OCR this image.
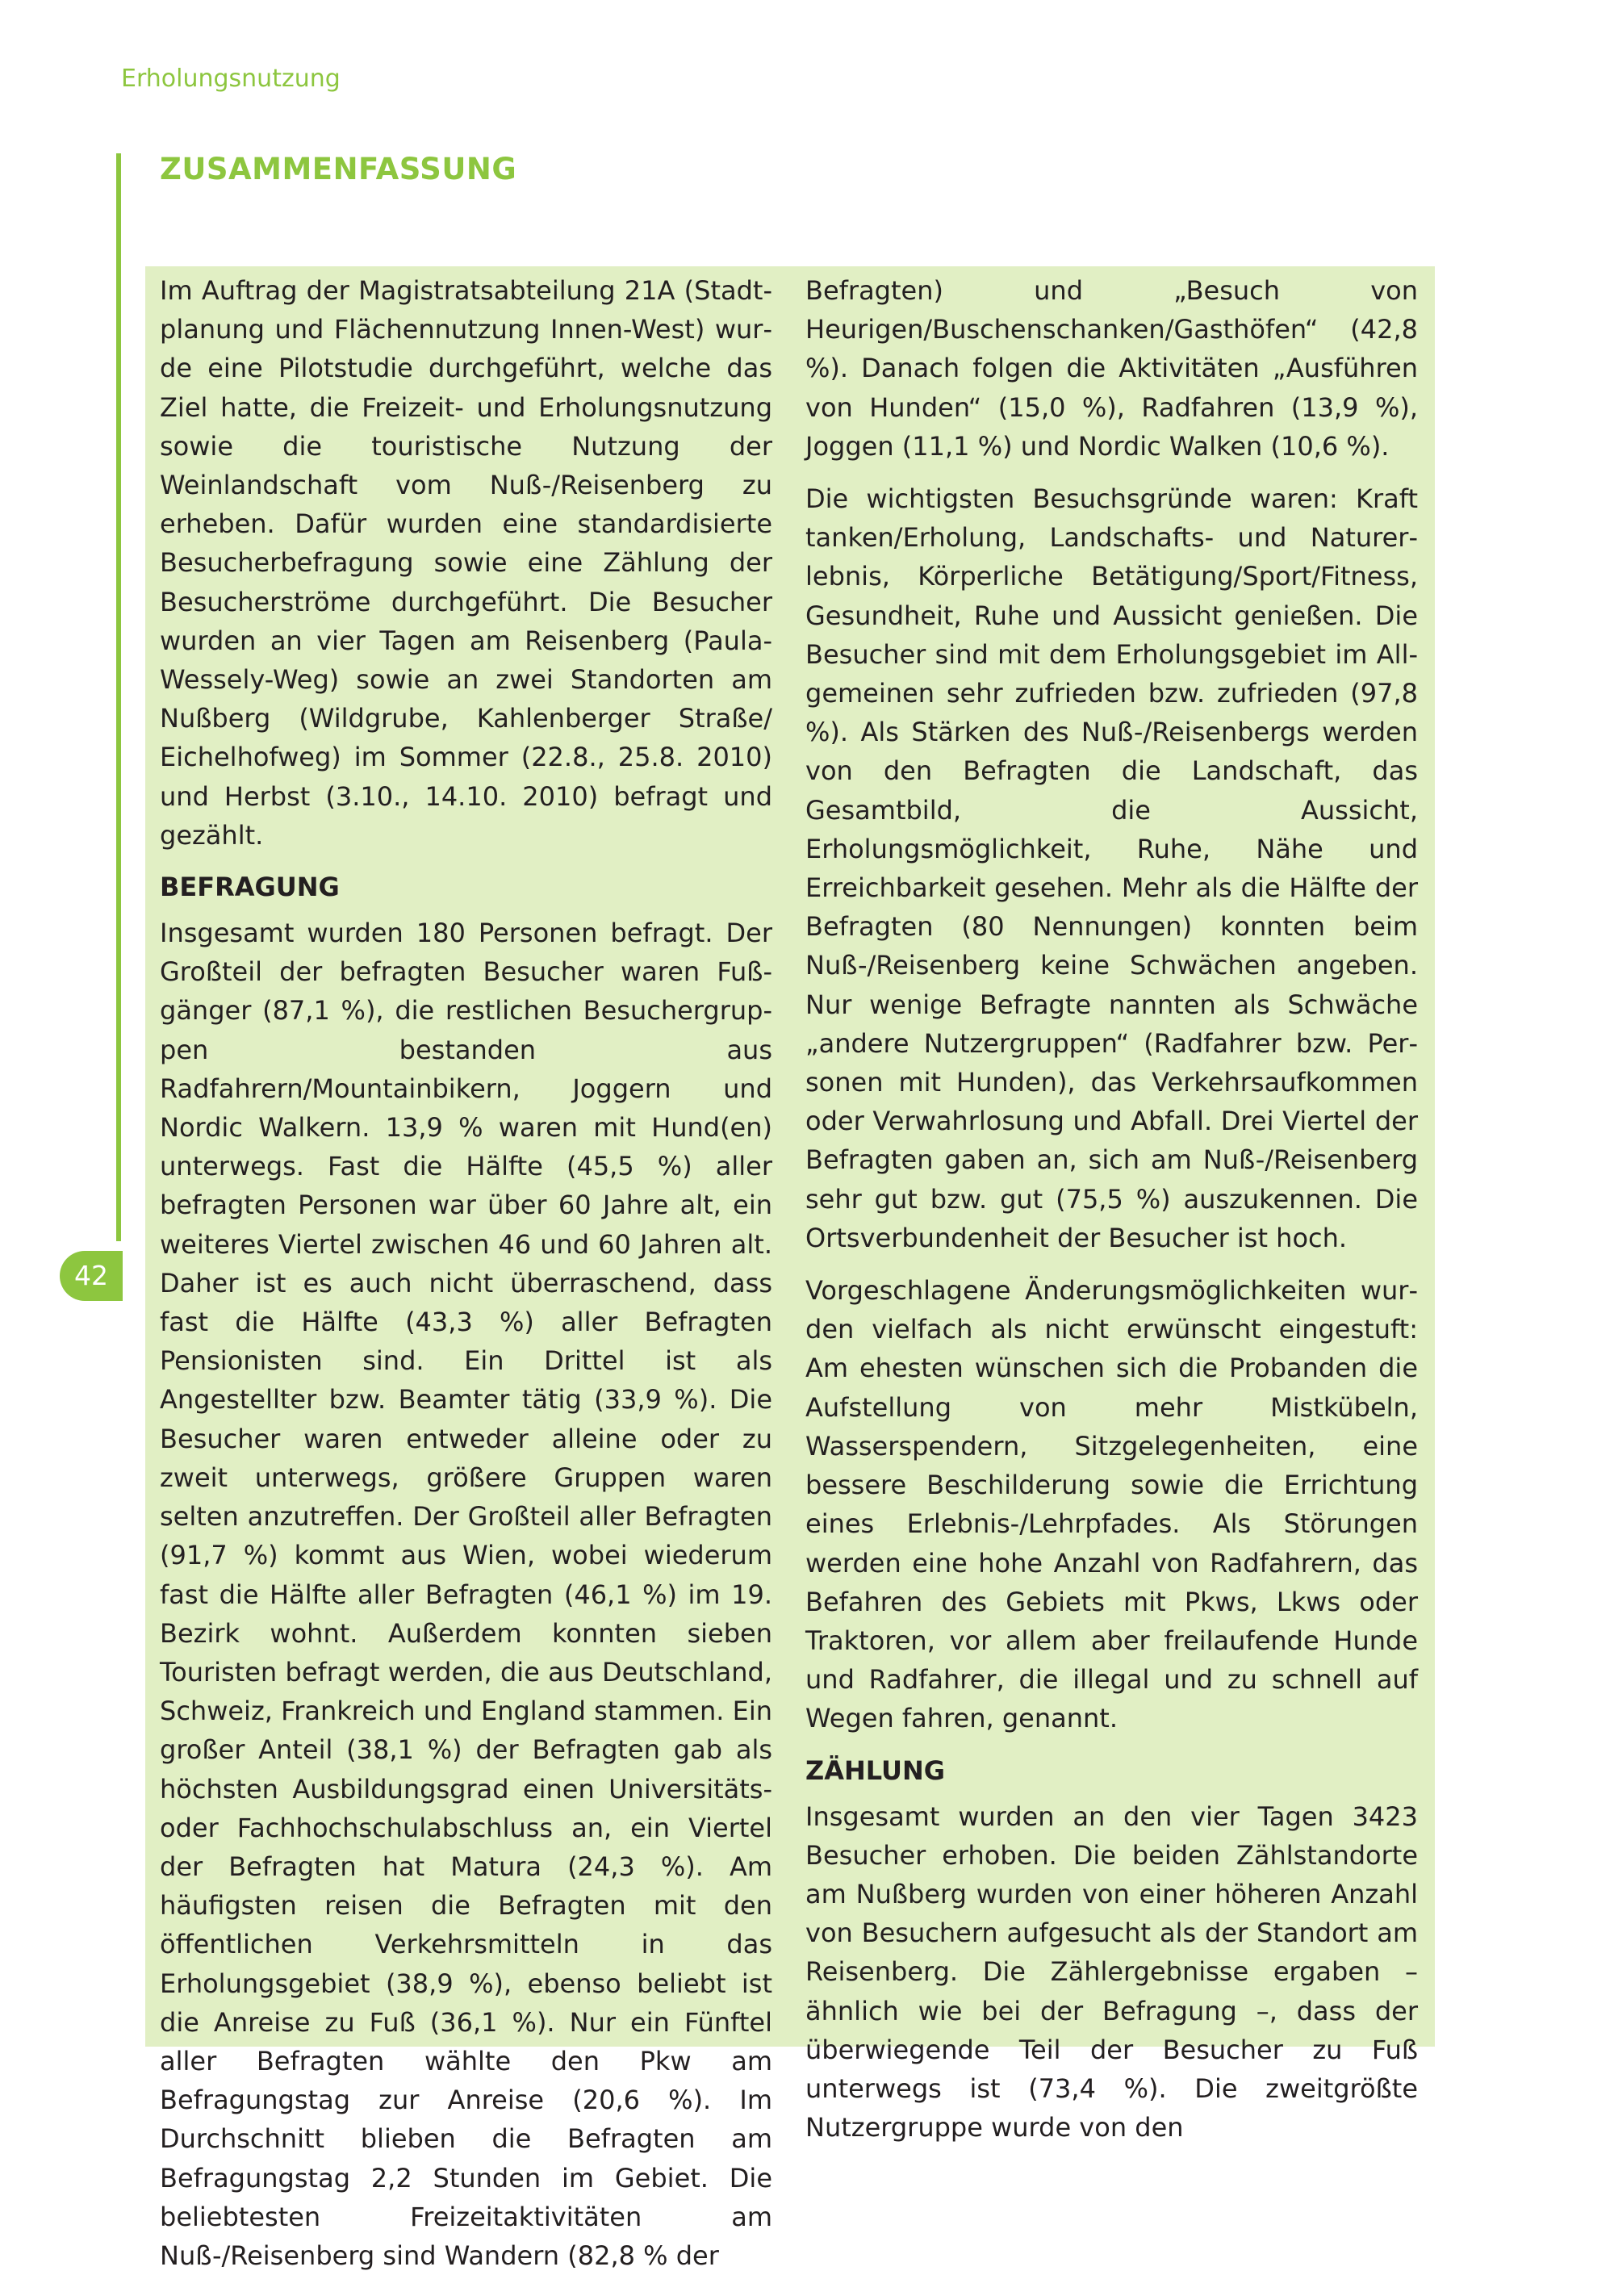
Erholungsnutzung
ZUSAMMENFASSUNG
42

Im Auftrag der Magistratsabteilung 21A (Stadtplanung und Flächennutzung Innen-West) wurde eine Pilotstudie durchgeführt, welche das Ziel hatte, die Freizeit- und Erholungsnutzung sowie die touristische Nutzung der Weinlandschaft vom Nuß-/Reisenberg zu erheben. Dafür wurden eine standardisierte Besucherbefragung sowie eine Zählung der Besucherströme durchgeführt. Die Besucher wurden an vier Tagen am Reisenberg (Paula-Wessely-Weg) sowie an zwei Standorten am Nußberg (Wildgrube, Kahlenberger Straße/​Eichelhofweg) im Sommer (22.8., 25.8. 2010) und Herbst (3.10., 14.10. 2010) befragt und gezählt.

BEFRAGUNG

Insgesamt wurden 180 Personen befragt. Der Großteil der befragten Besucher waren Fußgänger (87,1 %), die restlichen Besuchergruppen bestanden aus Radfahrern/Mountainbikern, Joggern und Nordic Walkern. 13,9 % waren mit Hund(en) unterwegs. Fast die Hälfte (45,5 %) aller befragten Personen war über 60 Jahre alt, ein weiteres Viertel zwischen 46 und 60 Jahren alt. Daher ist es auch nicht überraschend, dass fast die Hälfte (43,3 %) aller Befragten Pensionisten sind. Ein Drittel ist als Angestellter bzw. Beamter tätig (33,9 %). Die Besucher waren entweder alleine oder zu zweit unterwegs, größere Gruppen waren selten anzutreffen. Der Großteil aller Befragten (91,7 %) kommt aus Wien, wobei wiederum fast die Hälfte aller Befragten (46,1 %) im 19. Bezirk wohnt. Außerdem konnten sieben Touristen befragt werden, die aus Deutschland, Schweiz, Frankreich und England stammen. Ein großer Anteil (38,1 %) der Befragten gab als höchsten Ausbildungsgrad einen Universitäts- oder Fachhochschulabschluss an, ein Viertel der Befragten hat Matura (24,3 %). Am häufigsten reisen die Befragten mit den öffentlichen Verkehrsmitteln in das Erholungsgebiet (38,9 %), ebenso beliebt ist die Anreise zu Fuß (36,1 %). Nur ein Fünftel aller Befragten wählte den Pkw am Befragungstag zur Anreise (20,6 %). Im Durchschnitt blieben die Befragten am Befragungstag 2,2 Stunden im Gebiet. Die beliebtesten Freizeitaktivitäten am Nuß-/Reisenberg sind Wandern (82,8 % der

Befragten) und „Besuch von Heurigen/Buschenschanken/Gasthöfen“ (42,8 %). Danach folgen die Aktivitäten „Ausführen von Hunden“ (15,0 %), Radfahren (13,9 %), Joggen (11,1 %) und Nordic Walken (10,6 %).

Die wichtigsten Besuchsgründe waren: Kraft tanken/Erholung, Landschafts- und Naturerlebnis, Körperliche Betätigung/Sport/Fitness, Gesundheit, Ruhe und Aussicht genießen. Die Besucher sind mit dem Erholungsgebiet im Allgemeinen sehr zufrieden bzw. zufrieden (97,8 %). Als Stärken des Nuß-/Reisenbergs werden von den Befragten die Landschaft, das Gesamtbild, die Aussicht, Erholungsmöglichkeit, Ruhe, Nähe und Erreichbarkeit gesehen. Mehr als die Hälfte der Befragten (80 Nennungen) konnten beim Nuß-/Reisenberg keine Schwächen angeben. Nur wenige Befragte nannten als Schwäche „andere Nutzergruppen“ (Radfahrer bzw. Personen mit Hunden), das Verkehrsaufkommen oder Verwahrlosung und Abfall. Drei Viertel der Befragten gaben an, sich am Nuß-/Reisenberg sehr gut bzw. gut (75,5 %) auszukennen. Die Ortsverbundenheit der Besucher ist hoch.

Vorgeschlagene Änderungsmöglichkeiten wurden vielfach als nicht erwünscht eingestuft: Am ehesten wünschen sich die Probanden die Aufstellung von mehr Mistkübeln, Wasserspendern, Sitzgelegenheiten, eine bessere Beschilderung sowie die Errichtung eines Erlebnis-/Lehrpfades. Als Störungen werden eine hohe Anzahl von Radfahrern, das Befahren des Gebiets mit Pkws, Lkws oder Traktoren, vor allem aber freilaufende Hunde und Radfahrer, die illegal und zu schnell auf Wegen fahren, genannt.

ZÄHLUNG

Insgesamt wurden an den vier Tagen 3423 Besucher erhoben. Die beiden Zählstandorte am Nußberg wurden von einer höheren Anzahl von Besuchern aufgesucht als der Standort am Reisenberg. Die Zählergebnisse ergaben – ähnlich wie bei der Befragung –, dass der überwiegende Teil der Besucher zu Fuß unterwegs ist (73,4 %). Die zweitgrößte Nutzergruppe wurde von den
